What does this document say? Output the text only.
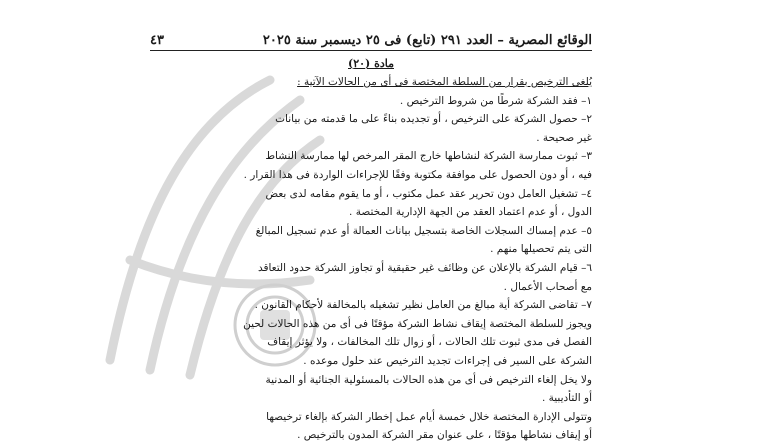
الوقائع المصرية – العدد ٢٩١ (تابع) فى ٢٥ ديسمبر سنة ٢٠٢٥
٤٣
مادة (٢٠)

يُلغى الترخيص بقرار من السلطة المختصة فى أى من الحالات الآتية :

١– فقد الشركة شرطًا من شروط الترخيص .

٢– حصول الشركة على الترخيص ، أو تجديده بناءً على ما قدمته من بيانات

غير صحيحة .

٣– ثبوت ممارسة الشركة لنشاطها خارج المقر المرخص لها ممارسة النشاط

فيه ، أو دون الحصول على موافقة مكتوبة وفقًا للإجراءات الواردة فى هذا القرار .

٤– تشغيل العامل دون تحرير عقد عمل مكتوب ، أو ما يقوم مقامه لدى بعض

الدول ، أو عدم اعتماد العقد من الجهة الإدارية المختصة .

٥– عدم إمساك السجلات الخاصة بتسجيل بيانات العمالة أو عدم تسجيل المبالغ

التى يتم تحصيلها منهم .

٦– قيام الشركة بالإعلان عن وظائف غير حقيقية أو تجاوز الشركة حدود التعاقد

مع أصحاب الأعمال .

٧– تقاضى الشركة أية مبالغ من العامل نظير تشغيله بالمخالفة لأحكام القانون .

ويجوز للسلطة المختصة إيقاف نشاط الشركة مؤقتًا فى أى من هذه الحالات لحين

الفصل فى مدى ثبوت تلك الحالات ، أو زوال تلك المخالفات ، ولا يؤثر إيقاف

الشركة على السير فى إجراءات تجديد الترخيص عند حلول موعده .

ولا يخل إلغاء الترخيص فى أى من هذه الحالات بالمسئولية الجنائية أو المدنية

أو التأديبية .

وتتولى الإدارة المختصة خلال خمسة أيام عمل إخطار الشركة بإلغاء ترخيصها

أو إيقاف نشاطها مؤقتًا ، على عنوان مقر الشركة المدون بالترخيص .
